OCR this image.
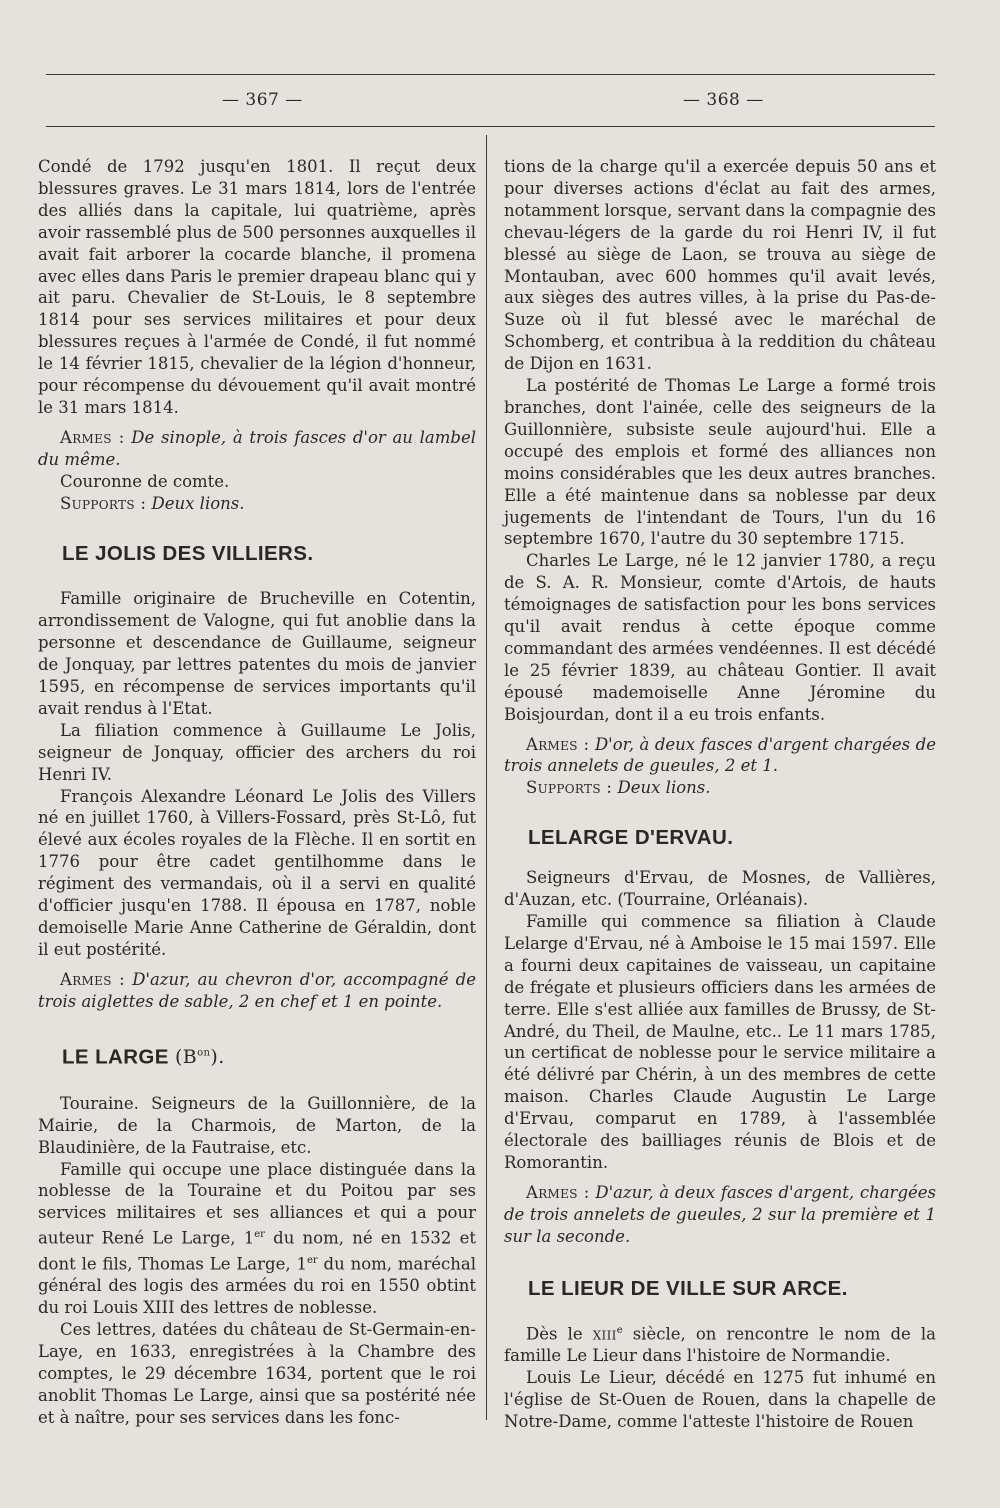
— 367 —	— 368 —

Condé de 1792 jusqu'en 1801. Il reçut deux blessures graves. Le 31 mars 1814, lors de l'entrée des alliés dans la capitale, lui quatrième, après avoir rassemblé plus de 500 personnes auxquelles il avait fait arborer la cocarde blanche, il promena avec elles dans Paris le premier drapeau blanc qui y ait paru. Chevalier de St-Louis, le 8 septembre 1814 pour ses services militaires et pour deux blessures reçues à l'armée de Condé, il fut nommé le 14 février 1815, chevalier de la légion d'honneur, pour récompense du dévouement qu'il avait montré le 31 mars 1814.

Armes : De sinople, à trois fasces d'or au lambel du même.

Couronne de comte.

Supports : Deux lions.

LE JOLIS DES VILLIERS.

Famille originaire de Brucheville en Cotentin, arrondissement de Valogne, qui fut anoblie dans la personne et descendance de Guillaume, seigneur de Jonquay, par lettres patentes du mois de janvier 1595, en récompense de services importants qu'il avait rendus à l'Etat.

La filiation commence à Guillaume Le Jolis, seigneur de Jonquay, officier des archers du roi Henri IV.

François Alexandre Léonard Le Jolis des Villers né en juillet 1760, à Villers-Fossard, près St-Lô, fut élevé aux écoles royales de la Flèche. Il en sortit en 1776 pour être cadet gentilhomme dans le régiment des vermandais, où il a servi en qualité d'officier jusqu'en 1788. Il épousa en 1787, noble demoiselle Marie Anne Catherine de Géraldin, dont il eut postérité.

Armes : D'azur, au chevron d'or, accompagné de trois aiglettes de sable, 2 en chef et 1 en pointe.

LE LARGE $(B^{on})$.

Touraine. Seigneurs de la Guillonnière, de la Mairie, de la Charmois, de Marton, de la Blaudinière, de la Fautraise, etc.

Famille qui occupe une place distinguée dans la noblesse de la Touraine et du Poitou par ses services militaires et ses alliances et qui a pour auteur René Le Large, 1er du nom, né en 1532 et dont le fils, Thomas Le Large, 1er du nom, maréchal général des logis des armées du roi en 1550 obtint du roi Louis XIII des lettres de noblesse.

Ces lettres, datées du château de St-Germain-en-Laye, en 1633, enregistrées à la Chambre des comptes, le 29 décembre 1634, portent que le roi anoblit Thomas Le Large, ainsi que sa postérité née et à naître, pour ses services dans les fonc-

tions de la charge qu'il a exercée depuis 50 ans et pour diverses actions d'éclat au fait des armes, notamment lorsque, servant dans la compagnie des chevau-légers de la garde du roi Henri IV, il fut blessé au siège de Laon, se trouva au siège de Montauban, avec 600 hommes qu'il avait levés, aux sièges des autres villes, à la prise du Pas-de-Suze où il fut blessé avec le maréchal de Schomberg, et contribua à la reddition du château de Dijon en 1631.

La postérité de Thomas Le Large a formé trois branches, dont l'ainée, celle des seigneurs de la Guillonnière, subsiste seule aujourd'hui. Elle a occupé des emplois et formé des alliances non moins considérables que les deux autres branches. Elle a été maintenue dans sa noblesse par deux jugements de l'intendant de Tours, l'un du 16 septembre 1670, l'autre du 30 septembre 1715.

Charles Le Large, né le 12 janvier 1780, a reçu de S. A. R. Monsieur, comte d'Artois, de hauts témoignages de satisfaction pour les bons services qu'il avait rendus à cette époque comme commandant des armées vendéennes. Il est décédé le 25 février 1839, au château Gontier. Il avait épousé mademoiselle Anne Jéromine du Boisjourdan, dont il a eu trois enfants.

Armes : D'or, à deux fasces d'argent chargées de trois annelets de gueules, 2 et 1.

Supports : Deux lions.

LELARGE D'ERVAU.

Seigneurs d'Ervau, de Mosnes, de Vallières, d'Auzan, etc. (Tourraine, Orléanais).

Famille qui commence sa filiation à Claude Lelarge d'Ervau, né à Amboise le 15 mai 1597. Elle a fourni deux capitaines de vaisseau, un capitaine de frégate et plusieurs officiers dans les armées de terre. Elle s'est alliée aux familles de Brussy, de St-André, du Theil, de Maulne, etc.. Le 11 mars 1785, un certificat de noblesse pour le service militaire a été délivré par Chérin, à un des membres de cette maison. Charles Claude Augustin Le Large d'Ervau, comparut en 1789, à l'assemblée électorale des bailliages réunis de Blois et de Romorantin.

Armes : D'azur, à deux fasces d'argent, chargées de trois annelets de gueules, 2 sur la première et 1 sur la seconde.

LE LIEUR DE VILLE SUR ARCE.

Dès le xiii$^e$ siècle, on rencontre le nom de la famille Le Lieur dans l'histoire de Normandie.

Louis Le Lieur, décédé en 1275 fut inhumé en l'église de St-Ouen de Rouen, dans la chapelle de Notre-Dame, comme l'atteste l'histoire de Rouen
